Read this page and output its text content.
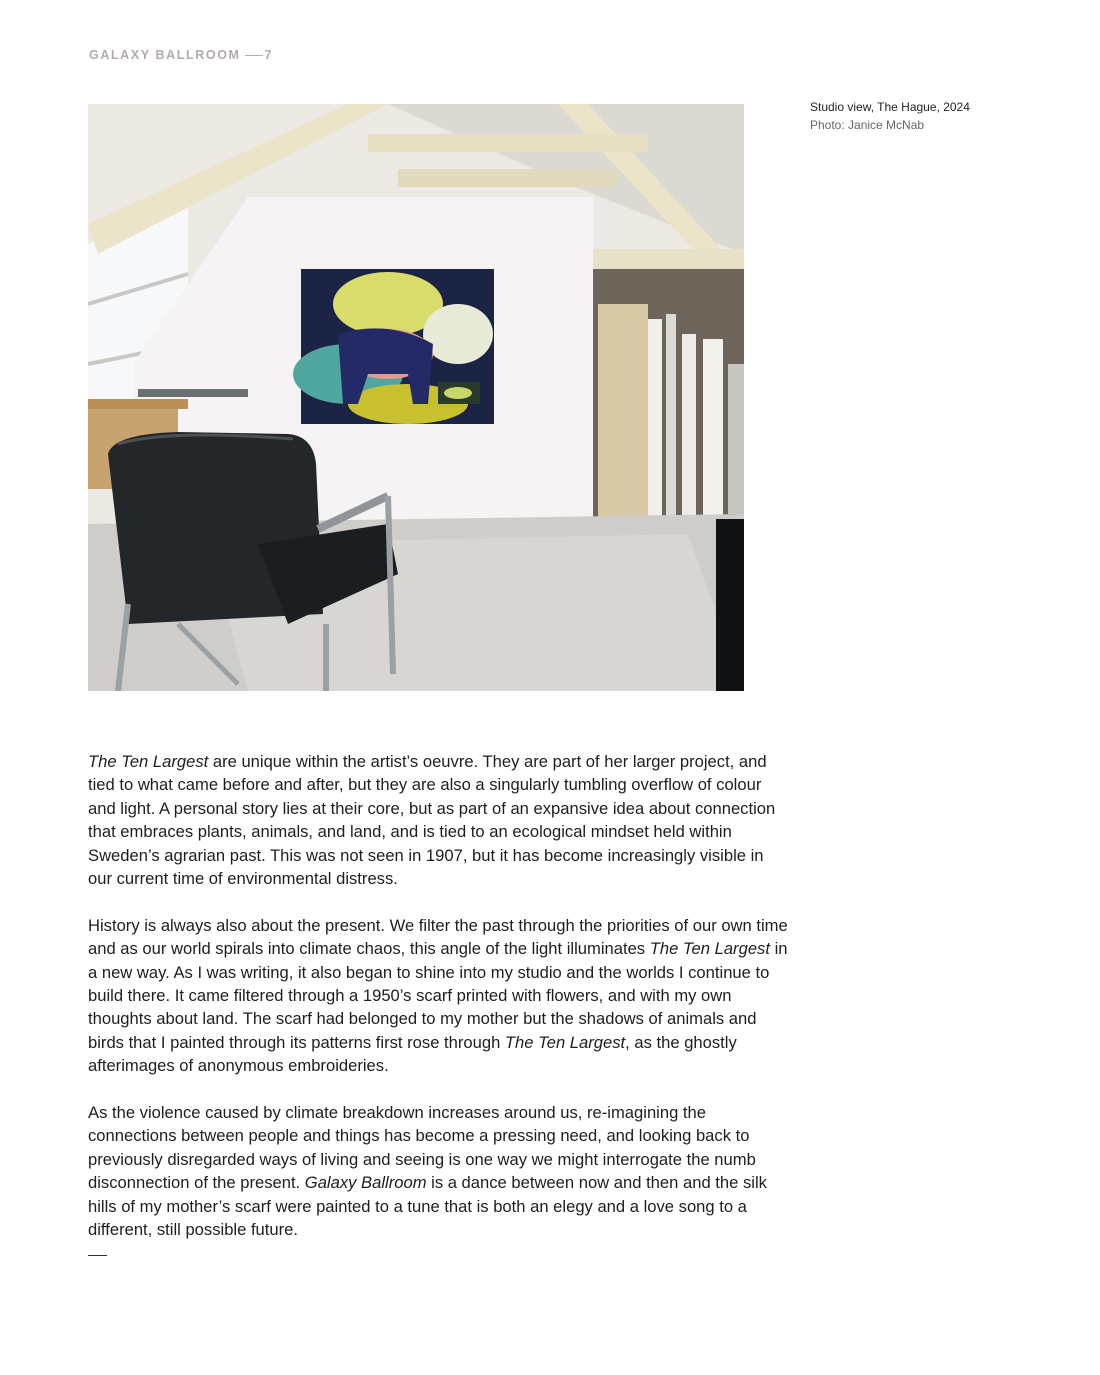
GALAXY BALLROOM 7
Studio view, The Hague, 2024
Photo: Janice McNab

The Ten Largest are unique within the artist’s oeuvre. They are part of her larger project, and tied to what came before and after, but they are also a singularly tumbling overflow of colour and light. A personal story lies at their core, but as part of an expansive idea about connection that embraces plants, animals, and land, and is tied to an ecological mindset held within Sweden’s agrarian past. This was not seen in 1907, but it has become increasingly visible in our current time of environmental distress.

History is always also about the present. We filter the past through the priorities of our own time and as our world spirals into climate chaos, this angle of the light illuminates The Ten Largest in a new way. As I was writing, it also began to shine into my studio and the worlds I continue to build there. It came filtered through a 1950’s scarf printed with flowers, and with my own thoughts about land. The scarf had belonged to my mother but the shadows of animals and birds that I painted through its patterns first rose through The Ten Largest, as the ghostly afterimages of anonymous embroideries.

As the violence caused by climate breakdown increases around us, re-imagining the connections between people and things has become a pressing need, and looking back to previously disregarded ways of living and seeing is one way we might interrogate the numb disconnection of the present. Galaxy Ballroom is a dance between now and then and the silk hills of my mother’s scarf were painted to a tune that is both an elegy and a love song to a different, still possible future.
